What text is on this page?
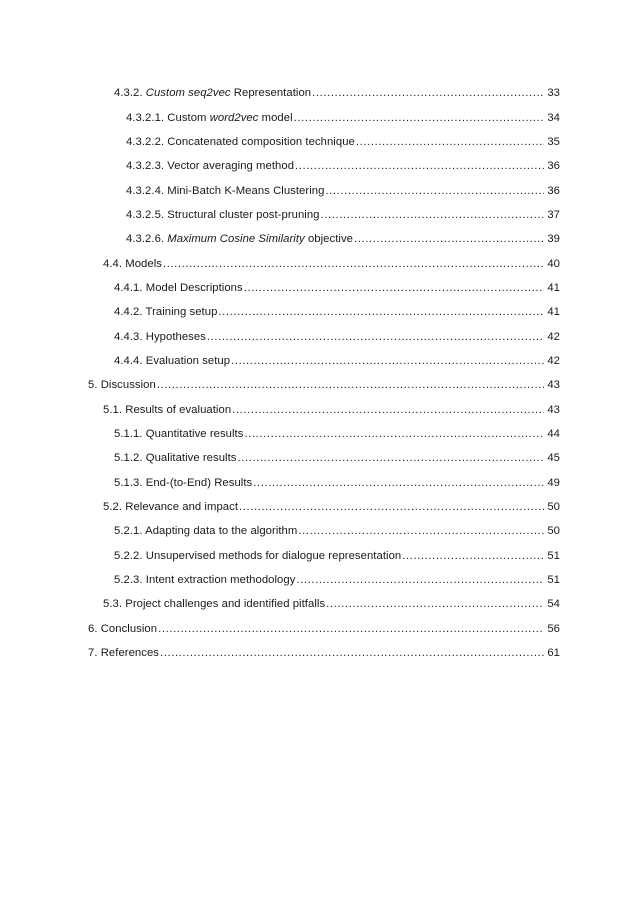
4.3.2. Custom seq2vec Representation .....	33
4.3.2.1. Custom word2vec model .....	34
4.3.2.2. Concatenated composition technique .....	35
4.3.2.3. Vector averaging method .....	36
4.3.2.4. Mini-Batch K-Means Clustering .....	36
4.3.2.5. Structural cluster post-pruning .....	37
4.3.2.6. Maximum Cosine Similarity objective .....	39
4.4. Models .....	40
4.4.1. Model Descriptions .....	41
4.4.2. Training setup .....	41
4.4.3. Hypotheses .....	42
4.4.4. Evaluation setup .....	42
5. Discussion .....	43
5.1. Results of evaluation .....	43
5.1.1. Quantitative results .....	44
5.1.2. Qualitative results .....	45
5.1.3. End-(to-End) Results .....	49
5.2. Relevance and impact .....	50
5.2.1. Adapting data to the algorithm .....	50
5.2.2. Unsupervised methods for dialogue representation .....	51
5.2.3. Intent extraction methodology .....	51
5.3. Project challenges and identified pitfalls .....	54
6. Conclusion .....	56
7. References .....	61
